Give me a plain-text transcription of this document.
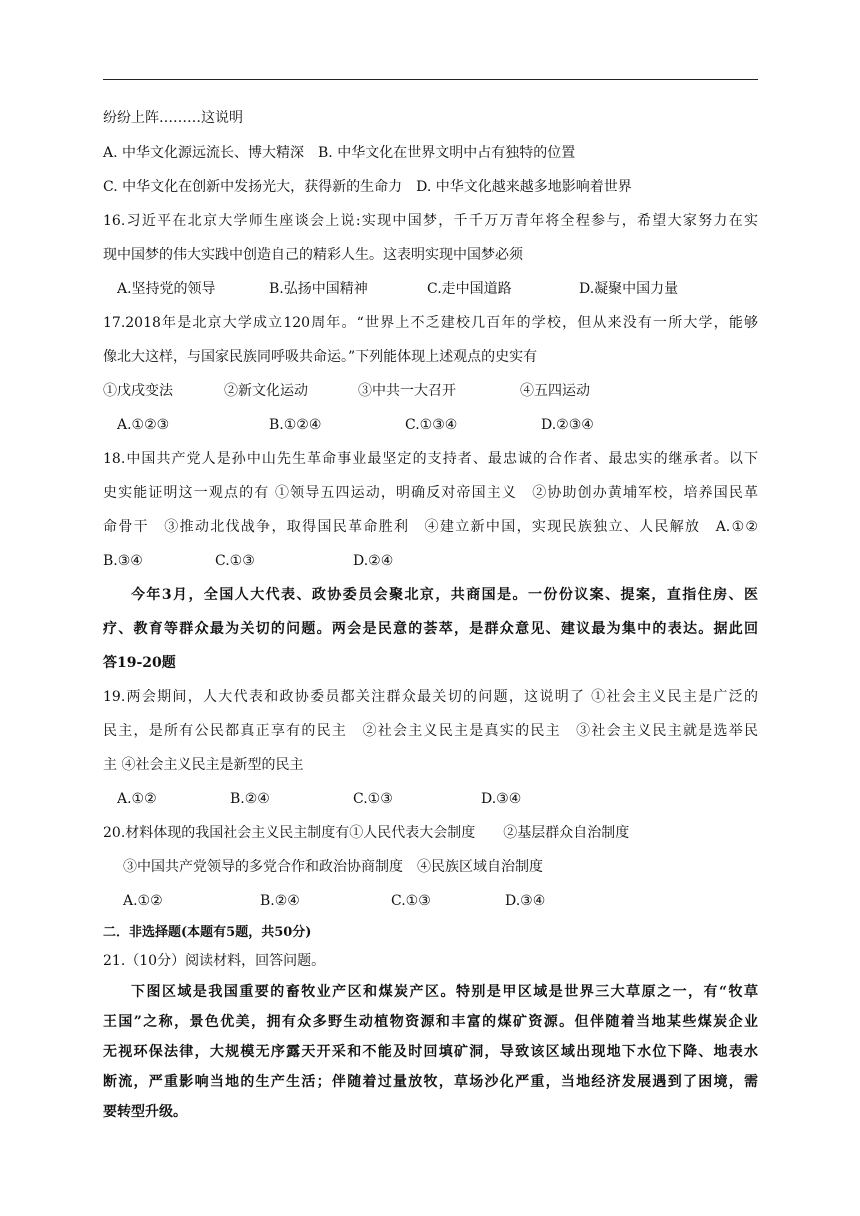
纷纷上阵………这说明
A. 中华文化源远流长、博大精深 B. 中华文化在世界文明中占有独特的位置
C. 中华文化在创新中发扬光大，获得新的生命力 D. 中华文化越来越多地影响着世界
16.习近平在北京大学师生座谈会上说:实现中国梦，千千万万青年将全程参与，希望大家努力在实
现中国梦的伟大实践中创造自己的精彩人生。这表明实现中国梦必须
A.坚持党的领导	B.弘扬中国精神	C.走中国道路	D.凝聚中国力量
17.2018年是北京大学成立120周年。“世界上不乏建校几百年的学校，但从来没有一所大学，能够
像北大这样，与国家民族同呼吸共命运。”下列能体现上述观点的史实有
①戊戌变法	②新文化运动	③中共一大召开	④五四运动
A.①②③	B.①②④	C.①③④	D.②③④
18.中国共产党人是孙中山先生革命事业最坚定的支持者、最忠诚的合作者、最忠实的继承者。以下
史实能证明这一观点的有 ①领导五四运动，明确反对帝国主义　②协助创办黄埔军校，培养国民革
命骨干　③推动北伐战争，取得国民革命胜利　④建立新中国，实现民族独立、人民解放　A.①②
B.③④	C.①③	D.②④
今年3月，全国人大代表、政协委员会聚北京，共商国是。一份份议案、提案，直指住房、医
疗、教育等群众最为关切的问题。两会是民意的荟萃，是群众意见、建议最为集中的表达。据此回
答19-20题
19.两会期间，人大代表和政协委员都关注群众最关切的问题，这说明了 ①社会主义民主是广泛的
民主，是所有公民都真正享有的民主　②社会主义民主是真实的民主　③社会主义民主就是选举民
主 ④社会主义民主是新型的民主
A.①②	B.②④	C.①③	D.③④
20.材料体现的我国社会主义民主制度有①人民代表大会制度　　②基层群众自治制度
③中国共产党领导的多党合作和政治协商制度　④民族区域自治制度
A.①②	B.②④	C.①③	D.③④
二．非选择题(本题有5题，共50分)
21.（10分）阅读材料，回答问题。
下图区域是我国重要的畜牧业产区和煤炭产区。特别是甲区域是世界三大草原之一，有“牧草
王国”之称，景色优美，拥有众多野生动植物资源和丰富的煤矿资源。但伴随着当地某些煤炭企业
无视环保法律，大规模无序露天开采和不能及时回填矿洞，导致该区域出现地下水位下降、地表水
断流，严重影响当地的生产生活；伴随着过量放牧，草场沙化严重，当地经济发展遇到了困境，需
要转型升级。
